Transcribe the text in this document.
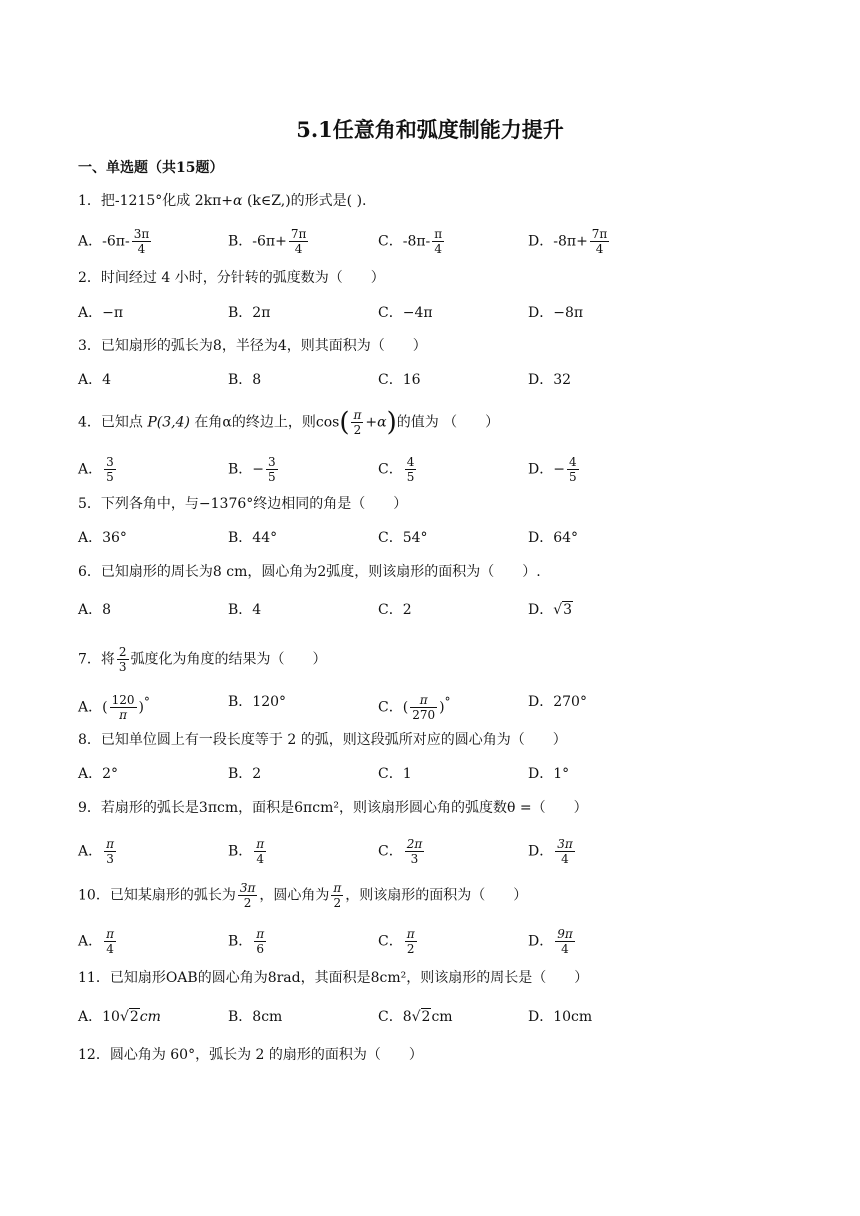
5.1任意角和弧度制能力提升
一、单选题（共15题）
1．把-1215°化成 2kπ+α (k∈Z,)的形式是( ).
A．$-6\pi- \frac{3\pi}{4}$	B．$-6\pi+ \frac{7\pi}{4}$	C．$-8\pi- \frac{\pi}{4}$	D．$-8\pi+ \frac{7\pi}{4}$
2．时间经过 4 小时，分针转的弧度数为（　　）
A．−π	B．2π	C．−4π	D．−8π
3．已知扇形的弧长为8，半径为4，则其面积为（　　）
A．4	B．8	C．16	D．32
4．已知点 P(3,4) 在角α的终边上，则$\cos( \frac{\pi}{2} +\alpha)$的值为 （　　）
A． $\frac{3}{5}$	B．− $\frac{3}{5}$	C． $\frac{4}{5}$	D．− $\frac{4}{5}$
5．下列各角中，与−1376°终边相同的角是（　　）
A．36°	B．44°	C．54°	D．64°
6．已知扇形的周长为8 cm，圆心角为2弧度，则该扇形的面积为（　　）.
A．8	B．4	C．2	D．√3
7．将 $\frac{2}{3}$ 弧度化为角度的结果为（　　）
A．( $\frac{120}{\pi} )^\circ$	B．120°	C．( $\frac{\pi}{270} )^\circ$	D．270°
8．已知单位圆上有一段长度等于 2 的弧，则这段弧所对应的圆心角为（　　）
A．2°	B．2	C．1	D．1°
9．若扇形的弧长是3πcm，面积是6πcm²，则该扇形圆心角的弧度数θ =（　　）
A． $\frac{\pi}{3}$	B． $\frac{\pi}{4}$	C． $\frac{2\pi}{3}$	D． $\frac{3\pi}{4}$
10．已知某扇形的弧长为 $\frac{3\pi}{2}$ ，圆心角为 $\frac{\pi}{2}$ ，则该扇形的面积为（　　）
A． $\frac{\pi}{4}$	B． $\frac{\pi}{6}$	C． $\frac{\pi}{2}$	D． $\frac{9\pi}{4}$
11．已知扇形OAB的圆心角为8rad，其面积是8cm²，则该扇形的周长是（　　）
A．10√2cm	B．8cm	C．8√2cm	D．10cm
12．圆心角为 60°，弧长为 2 的扇形的面积为（　　）
